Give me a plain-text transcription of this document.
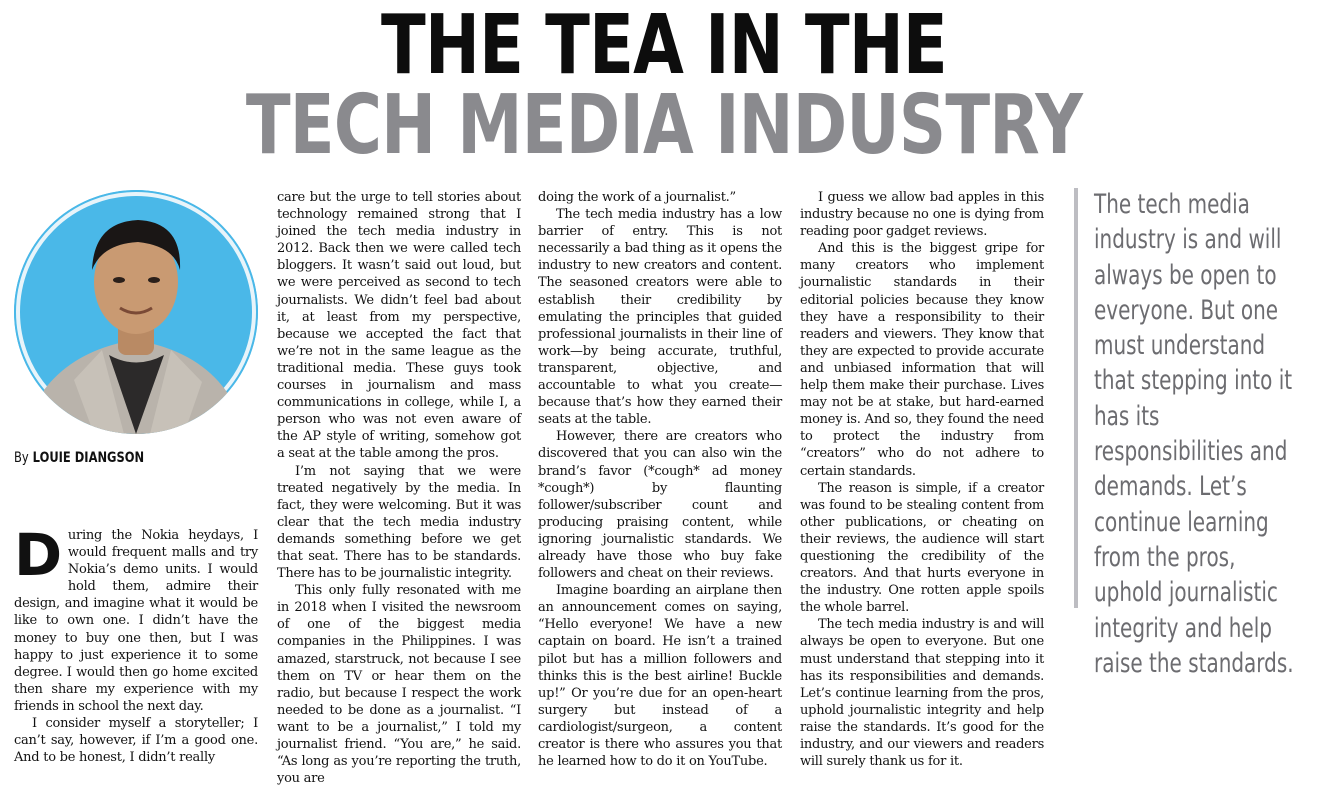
THE TEA IN THE
TECH MEDIA INDUSTRY
By LOUIE DIANGSON

During the Nokia heydays, I would frequent malls and try Nokia’s demo units. I would hold them, admire their design, and imagine what it would be like to own one. I didn’t have the money to buy one then, but I was happy to just experience it to some degree. I would then go home excited then share my experience with my friends in school the next day.

I consider myself a storyteller; I can’t say, however, if I’m a good one. And to be honest, I didn’t really

care but the urge to tell stories about technology remained strong that I joined the tech media industry in 2012. Back then we were called tech bloggers. It wasn’t said out loud, but we were perceived as second to tech journalists. We didn’t feel bad about it, at least from my perspective, because we accepted the fact that we’re not in the same league as the traditional media. These guys took courses in journalism and mass communications in college, while I, a person who was not even aware of the AP style of writing, somehow got a seat at the table among the pros.

I’m not saying that we were treated negatively by the media. In fact, they were welcoming. But it was clear that the tech media industry demands something before we get that seat. There has to be standards. There has to be journalistic integrity.

This only fully resonated with me in 2018 when I visited the newsroom of one of the biggest media companies in the Philippines. I was amazed, starstruck, not because I see them on TV or hear them on the radio, but because I respect the work needed to be done as a journalist. “I want to be a journalist,” I told my journalist friend. “You are,” he said. “As long as you’re reporting the truth, you are

doing the work of a journalist.”

The tech media industry has a low barrier of entry. This is not necessarily a bad thing as it opens the industry to new creators and content. The seasoned creators were able to establish their credibility by emulating the principles that guided professional journalists in their line of work—by being accurate, truthful, transparent, objective, and accountable to what you create—because that’s how they earned their seats at the table.

However, there are creators who discovered that you can also win the brand’s favor (*cough* ad money *cough*) by flaunting follower/subscriber count and producing praising content, while ignoring journalistic standards. We already have those who buy fake followers and cheat on their reviews.

Imagine boarding an airplane then an announcement comes on saying, “Hello everyone! We have a new captain on board. He isn’t a trained pilot but has a million followers and thinks this is the best airline! Buckle up!” Or you’re due for an open-heart surgery but instead of a cardiologist/surgeon, a content creator is there who assures you that he learned how to do it on YouTube.

I guess we allow bad apples in this industry because no one is dying from reading poor gadget reviews.

And this is the biggest gripe for many creators who implement journalistic standards in their editorial policies because they know they have a responsibility to their readers and viewers. They know that they are expected to provide accurate and unbiased information that will help them make their purchase. Lives may not be at stake, but hard-earned money is. And so, they found the need to protect the industry from “creators” who do not adhere to certain standards.

The reason is simple, if a creator was found to be stealing content from other publications, or cheating on their reviews, the audience will start questioning the credibility of the creators. And that hurts everyone in the industry. One rotten apple spoils the whole barrel.

The tech media industry is and will always be open to everyone. But one must understand that stepping into it has its responsibilities and demands. Let’s continue learning from the pros, uphold journalistic integrity and help raise the standards. It’s good for the industry, and our viewers and readers will surely thank us for it.

The tech media industry is and will always be open to everyone. But one must understand that stepping into it has its responsibilities and demands. Let’s continue learning from the pros, uphold journalistic integrity and help raise the standards.
